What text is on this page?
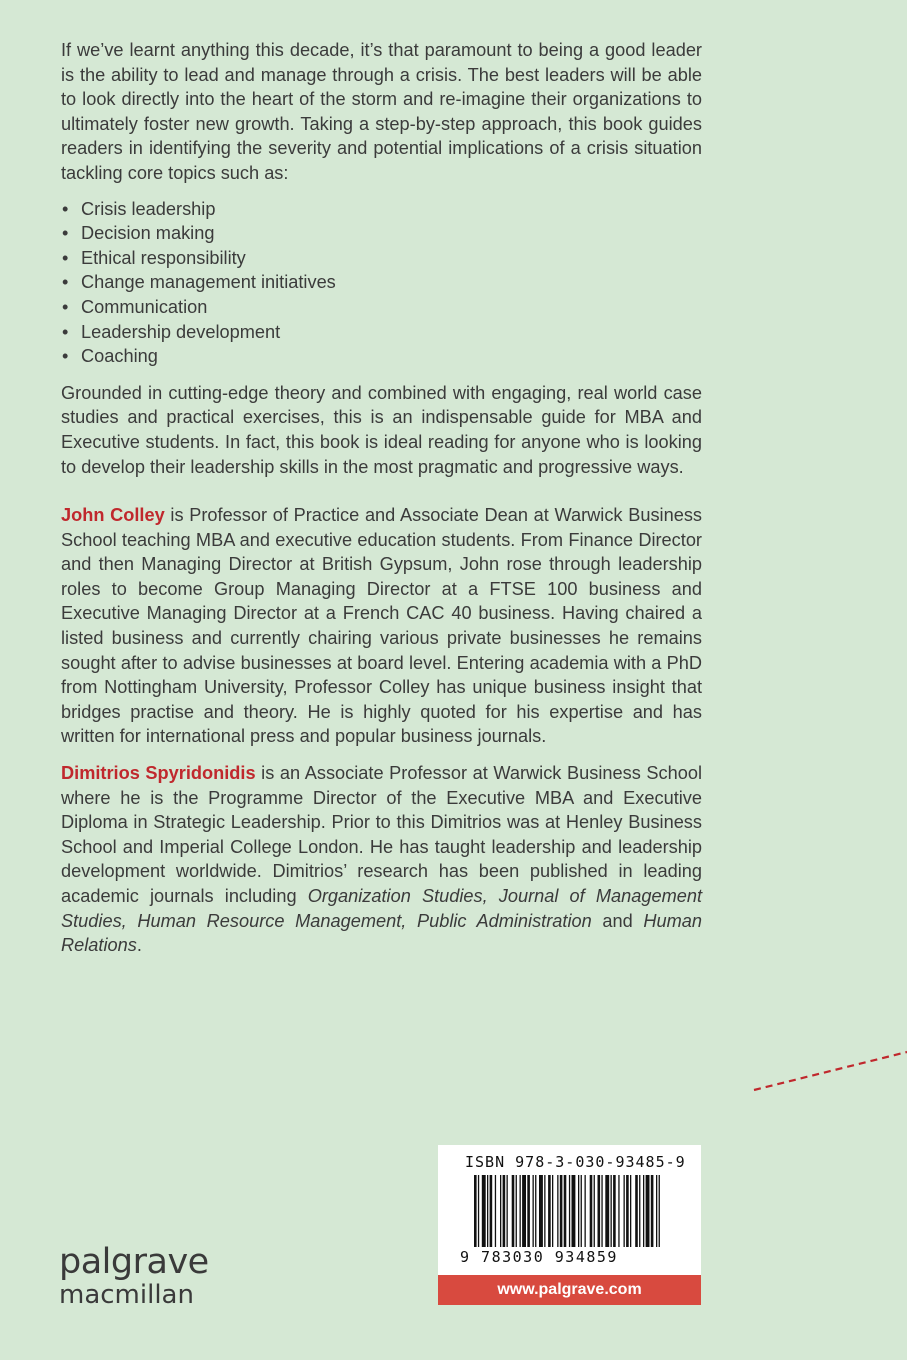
If we’ve learnt anything this decade, it’s that paramount to being a good leader is the ability to lead and manage through a crisis. The best leaders will be able to look directly into the heart of the storm and re-imagine their organizations to ultimately foster new growth. Taking a step-by-step approach, this book guides readers in identifying the severity and potential implications of a crisis situation tackling core topics such as:

• Crisis leadership
• Decision making
• Ethical responsibility
• Change management initiatives
• Communication
• Leadership development
• Coaching

Grounded in cutting-edge theory and combined with engaging, real world case studies and practical exercises, this is an indispensable guide for MBA and Executive students. In fact, this book is ideal reading for anyone who is looking to develop their leadership skills in the most pragmatic and progressive ways.

John Colley is Professor of Practice and Associate Dean at Warwick Business School teaching MBA and executive education students. From Finance Director and then Managing Director at British Gypsum, John rose through leadership roles to become Group Managing Director at a FTSE 100 business and Executive Managing Director at a French CAC 40 business. Having chaired a listed business and currently chairing various private businesses he remains sought after to advise businesses at board level. Entering academia with a PhD from Nottingham University, Professor Colley has unique business insight that bridges practise and theory. He is highly quoted for his expertise and has written for international press and popular business journals.

Dimitrios Spyridonidis is an Associate Professor at Warwick Business School where he is the Programme Director of the Executive MBA and Executive Diploma in Strategic Leadership. Prior to this Dimitrios was at Henley Business School and Imperial College London. He has taught leadership and leadership development worldwide. Dimitrios’ research has been published in leading academic journals including Organization Studies, Journal of Management Studies, Human Resource Management, Public Administration and Human Relations.

ISBN 978-3-030-93485-9
9 783030 934859
www.palgrave.com
palgrave
macmillan
